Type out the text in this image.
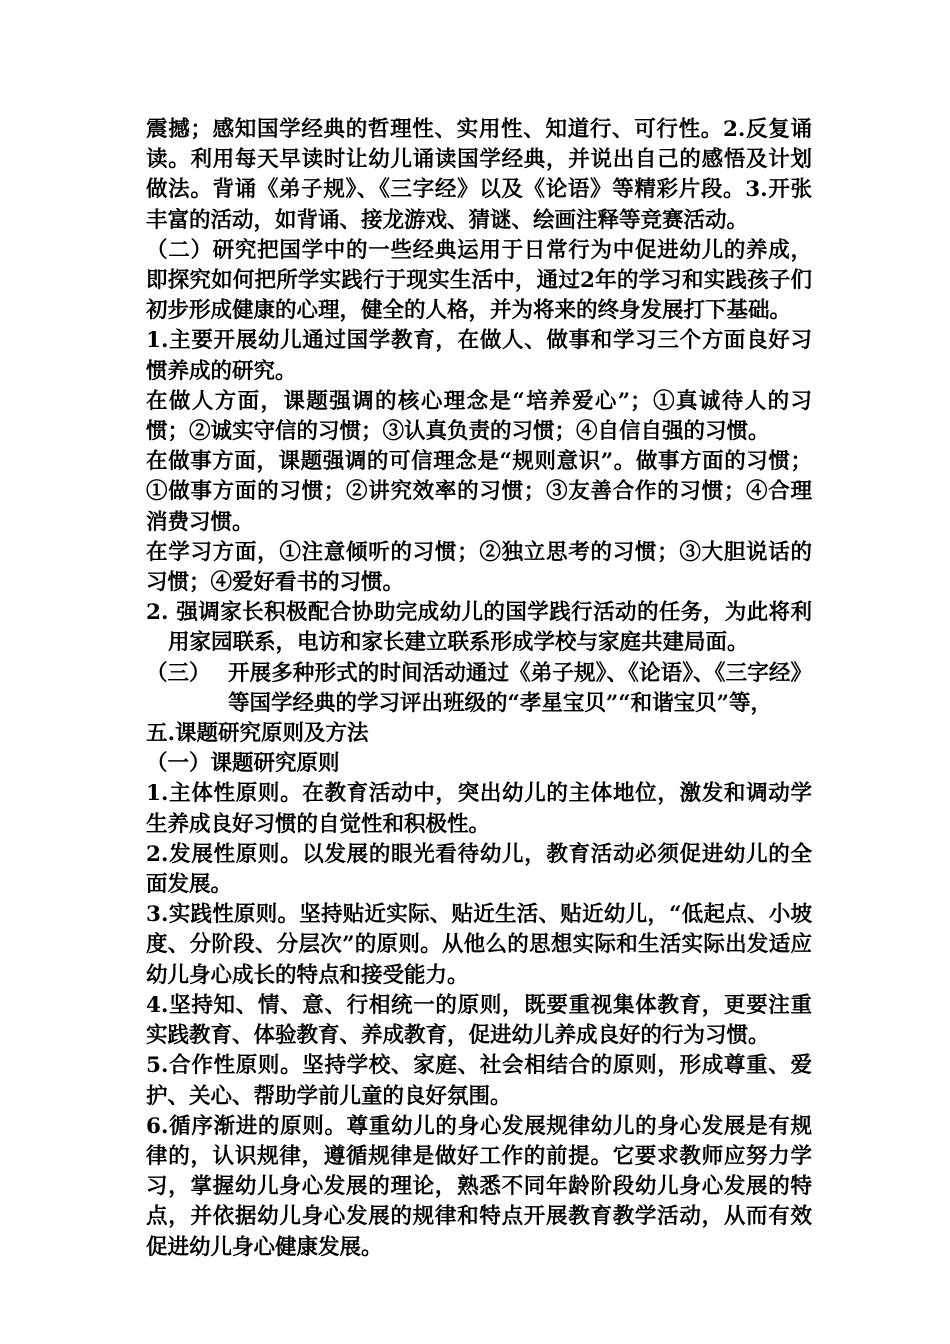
震撼；感知国学经典的哲理性、实用性、知道行、可行性。2.反复诵读。利用每天早读时让幼儿诵读国学经典，并说出自己的感悟及计划做法。背诵《弟子规》、《三字经》以及《论语》等精彩片段。3.开张丰富的活动，如背诵、接龙游戏、猜谜、绘画注释等竞赛活动。

（二）研究把国学中的一些经典运用于日常行为中促进幼儿的养成，即探究如何把所学实践行于现实生活中，通过2年的学习和实践孩子们初步形成健康的心理，健全的人格，并为将来的终身发展打下基础。

1.主要开展幼儿通过国学教育，在做人、做事和学习三个方面良好习惯养成的研究。

在做人方面，课题强调的核心理念是“培养爱心”；①真诚待人的习惯；②诚实守信的习惯；③认真负责的习惯；④自信自强的习惯。

在做事方面，课题强调的可信理念是“规则意识”。做事方面的习惯；①做事方面的习惯；②讲究效率的习惯；③友善合作的习惯；④合理消费习惯。

在学习方面，①注意倾听的习惯；②独立思考的习惯；③大胆说话的习惯；④爱好看书的习惯。

2. 强调家长积极配合协助完成幼儿的国学践行活动的任务，为此将利用家园联系，电访和家长建立联系形成学校与家庭共建局面。

（三） 开展多种形式的时间活动通过《弟子规》、《论语》、《三字经》等国学经典的学习评出班级的“孝星宝贝”“和谐宝贝”等，

五.课题研究原则及方法

（一）课题研究原则

1.主体性原则。在教育活动中，突出幼儿的主体地位，激发和调动学生养成良好习惯的自觉性和积极性。

2.发展性原则。以发展的眼光看待幼儿，教育活动必须促进幼儿的全面发展。

3.实践性原则。坚持贴近实际、贴近生活、贴近幼儿，“低起点、小坡度、分阶段、分层次”的原则。从他么的思想实际和生活实际出发适应幼儿身心成长的特点和接受能力。

4.坚持知、情、意、行相统一的原则，既要重视集体教育，更要注重实践教育、体验教育、养成教育，促进幼儿养成良好的行为习惯。

5.合作性原则。坚持学校、家庭、社会相结合的原则，形成尊重、爱护、关心、帮助学前儿童的良好氛围。

6.循序渐进的原则。尊重幼儿的身心发展规律幼儿的身心发展是有规律的，认识规律，遵循规律是做好工作的前提。它要求教师应努力学习，掌握幼儿身心发展的理论，熟悉不同年龄阶段幼儿身心发展的特点，并依据幼儿身心发展的规律和特点开展教育教学活动，从而有效促进幼儿身心健康发展。
